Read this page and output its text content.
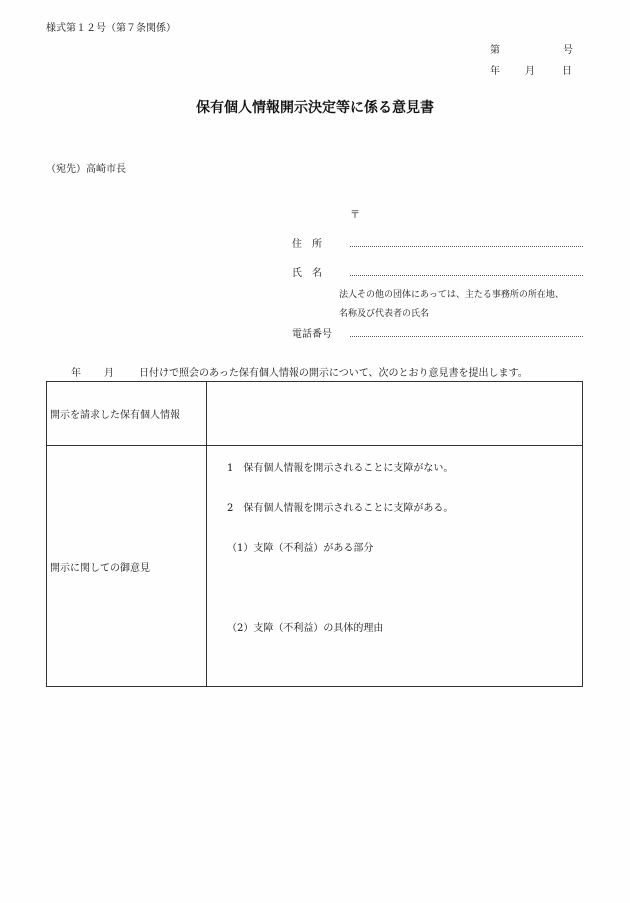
様式第１２号（第７条関係）
第	号
年	月	日
保有個人情報開示決定等に係る意見書
（宛先）高崎市長
〒
住　所
氏　名
法人その他の団体にあっては、主たる事務所の所在地、
名称及び代表者の氏名
電話番号
年 月	日付けで照会のあった保有個人情報の開示について、次のとおり意見書を提出します。
開示を請求した保有個人情報	
開示に関しての御意見	1　保有個人情報を開示されることに支障がない。
2　保有個人情報を開示されることに支障がある。
（1）支障（不利益）がある部分
（2）支障（不利益）の具体的理由
